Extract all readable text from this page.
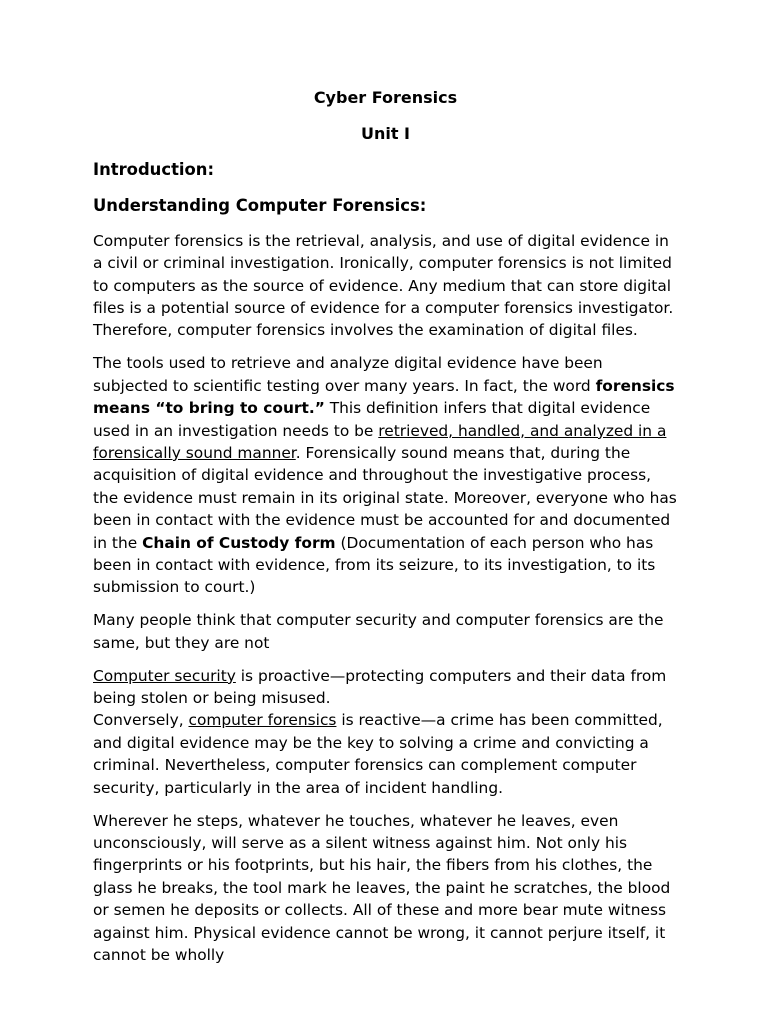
Cyber Forensics

Unit I

Introduction:
Understanding Computer Forensics:

Computer forensics is the retrieval, analysis, and use of digital evidence in a civil or criminal investigation. Ironically, computer forensics is not limited to computers as the source of evidence. Any medium that can store digital files is a potential source of evidence for a computer forensics investigator. Therefore, computer forensics involves the examination of digital files.

The tools used to retrieve and analyze digital evidence have been subjected to scientific testing over many years. In fact, the word forensics means “to bring to court.” This definition infers that digital evidence used in an investigation needs to be retrieved, handled, and analyzed in a forensically sound manner. Forensically sound means that, during the acquisition of digital evidence and throughout the investigative process, the evidence must remain in its original state. Moreover, everyone who has been in contact with the evidence must be accounted for and documented in the Chain of Custody form (Documentation of each person who has been in contact with evidence, from its seizure, to its investigation, to its submission to court.)

Many people think that computer security and computer forensics are the same, but they are not

Computer security is proactive—protecting computers and their data from being stolen or being misused.

Conversely, computer forensics is reactive—a crime has been committed, and digital evidence may be the key to solving a crime and convicting a criminal. Nevertheless, computer forensics can complement computer security, particularly in the area of incident handling.

Wherever he steps, whatever he touches, whatever he leaves, even unconsciously, will serve as a silent witness against him. Not only his fingerprints or his footprints, but his hair, the fibers from his clothes, the glass he breaks, the tool mark he leaves, the paint he scratches, the blood or semen he deposits or collects. All of these and more bear mute witness against him. Physical evidence cannot be wrong, it cannot perjure itself, it cannot be wholly
